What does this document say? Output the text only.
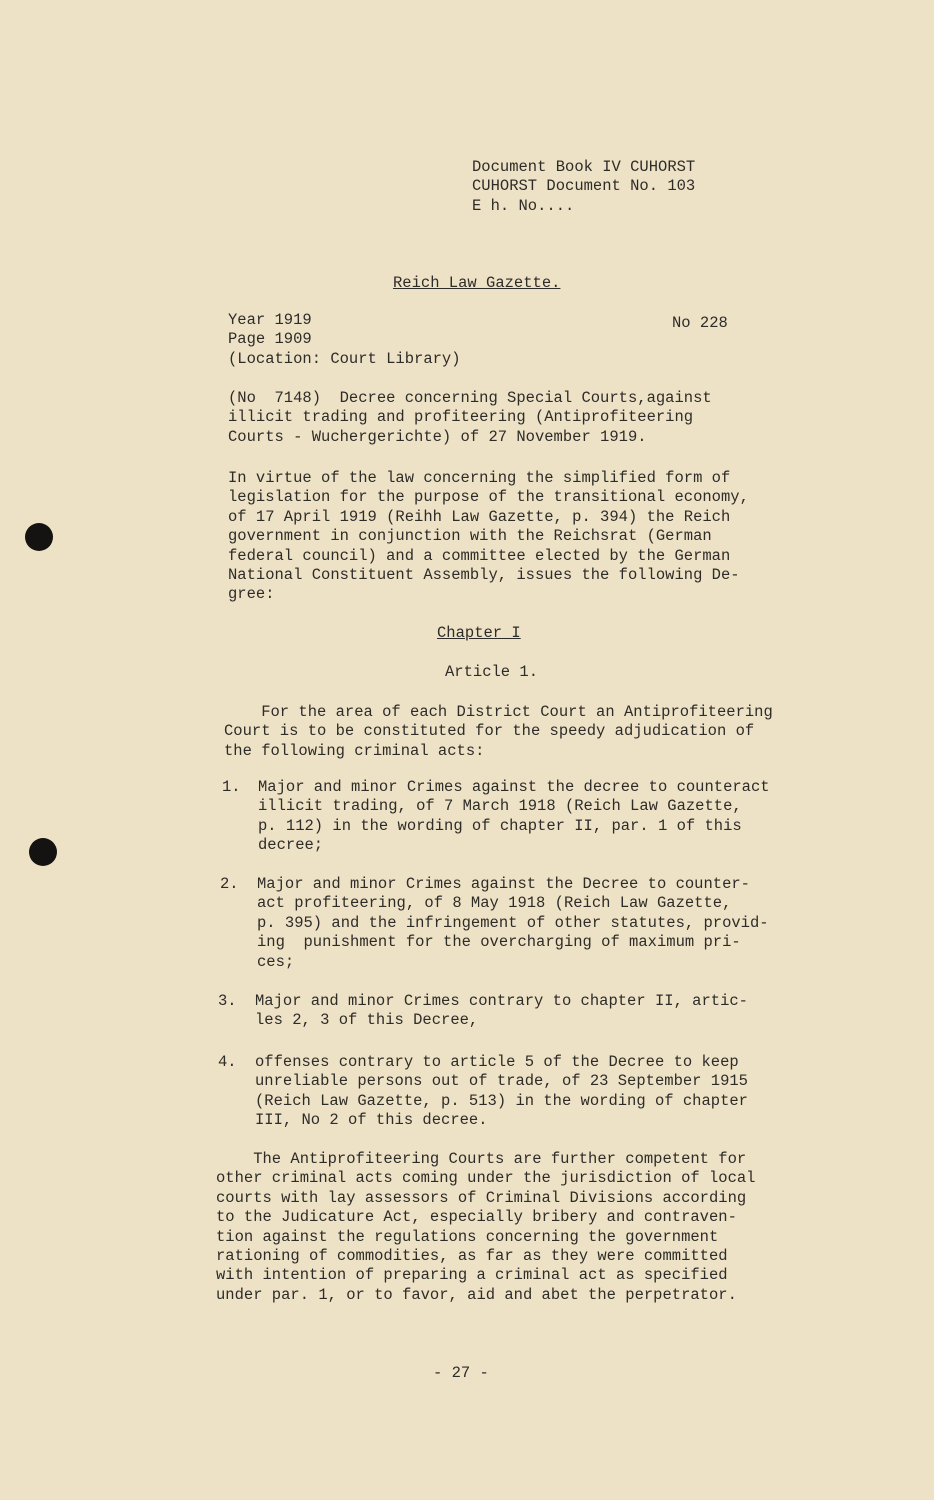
Document Book IV CUHORST
CUHORST Document No. 103
E h. No....
Reich Law Gazette.
Year 1919
Page 1909
(Location: Court Library)
No 228
(No  7148)  Decree concerning Special Courts,against
illicit trading and profiteering (Antiprofiteering
Courts - Wuchergerichte) of 27 November 1919.
In virtue of the law concerning the simplified form of
legislation for the purpose of the transitional economy,
of 17 April 1919 (Reihh Law Gazette, p. 394) the Reich
government in conjunction with the Reichsrat (German
federal council) and a committee elected by the German
National Constituent Assembly, issues the following De-
gree:
Chapter I
Article 1.
For the area of each District Court an Antiprofiteering
Court is to be constituted for the speedy adjudication of
the following criminal acts:
1. Major and minor Crimes against the decree to counteract
illicit trading, of 7 March 1918 (Reich Law Gazette,
p. 112) in the wording of chapter II, par. 1 of this
decree;
2. Major and minor Crimes against the Decree to counter-
act profiteering, of 8 May 1918 (Reich Law Gazette,
p. 395) and the infringement of other statutes, provid-
ing  punishment for the overcharging of maximum pri-
ces;
3. Major and minor Crimes contrary to chapter II, artic-
les 2, 3 of this Decree,
4. offenses contrary to article 5 of the Decree to keep
unreliable persons out of trade, of 23 September 1915
(Reich Law Gazette, p. 513) in the wording of chapter
III, No 2 of this decree.
The Antiprofiteering Courts are further competent for
other criminal acts coming under the jurisdiction of local
courts with lay assessors of Criminal Divisions according
to the Judicature Act, especially bribery and contraven-
tion against the regulations concerning the government
rationing of commodities, as far as they were committed
with intention of preparing a criminal act as specified
under par. 1, or to favor, aid and abet the perpetrator.
- 27 -
